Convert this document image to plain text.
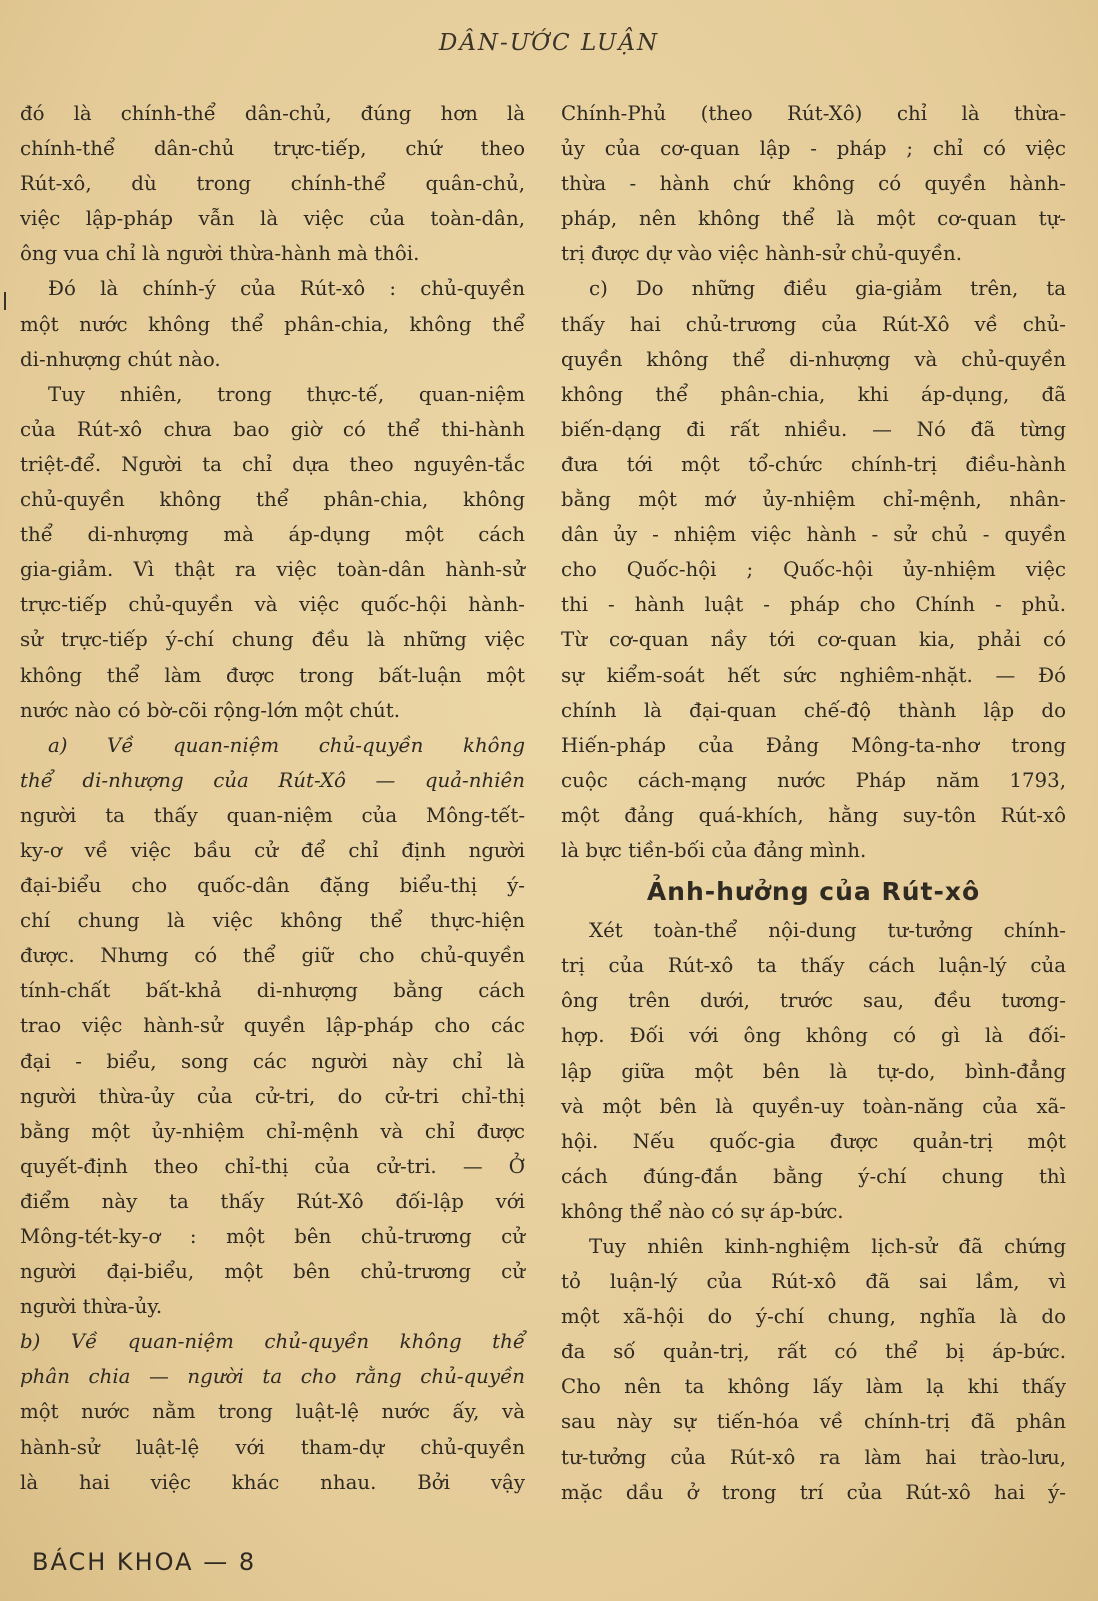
DÂN-ƯỚC LUẬN
đó là chính-thể dân-chủ, đúng hơn là
chính-thể dân-chủ trực-tiếp, chứ theo
Rút-xô, dù trong chính-thể quân-chủ,
việc lập-pháp vẫn là việc của toàn-dân,
ông vua chỉ là người thừa-hành mà thôi.
Đó là chính-ý của Rút-xô : chủ-quyền
một nước không thể phân-chia, không thể
di-nhượng chút nào.
Tuy nhiên, trong thực-tế, quan-niệm
của Rút-xô chưa bao giờ có thể thi-hành
triệt-để. Người ta chỉ dựa theo nguyên-tắc
chủ-quyền không thể phân-chia, không
thể di-nhượng mà áp-dụng một cách
gia-giảm. Vì thật ra việc toàn-dân hành-sử
trực-tiếp chủ-quyền và việc quốc-hội hành-
sử trực-tiếp ý-chí chung đều là những việc
không thể làm được trong bất-luận một
nước nào có bờ-cõi rộng-lớn một chút.
a) Về quan-niệm chủ-quyền không
thể di-nhượng của Rút-Xô — quả-nhiên
người ta thấy quan-niệm của Mông-tết-
ky-ơ về việc bầu cử để chỉ định người
đại-biểu cho quốc-dân đặng biểu-thị ý-
chí chung là việc không thể thực-hiện
được. Nhưng có thể giữ cho chủ-quyền
tính-chất bất-khả di-nhượng bằng cách
trao việc hành-sử quyền lập-pháp cho các
đại - biểu, song các người này chỉ là
người thừa-ủy của cử-tri, do cử-tri chỉ-thị
bằng một ủy-nhiệm chỉ-mệnh và chỉ được
quyết-định theo chỉ-thị của cử-tri. — Ở
điểm này ta thấy Rút-Xô đối-lập với
Mông-tét-ky-ơ : một bên chủ-trương cử
người đại-biểu, một bên chủ-trương cử
người thừa-ủy.
b) Về quan-niệm chủ-quyền không thể
phân chia — người ta cho rằng chủ-quyền
một nước nằm trong luật-lệ nước ấy, và
hành-sử luật-lệ với tham-dự chủ-quyền
là hai việc khác nhau. Bởi vậy
Chính-Phủ (theo Rút-Xô) chỉ là thừa-
ủy của cơ-quan lập - pháp ; chỉ có việc
thừa - hành chứ không có quyền hành-
pháp, nên không thể là một cơ-quan tự-
trị được dự vào việc hành-sử chủ-quyền.
c) Do những điều gia-giảm trên, ta
thấy hai chủ-trương của Rút-Xô về chủ-
quyền không thể di-nhượng và chủ-quyền
không thể phân-chia, khi áp-dụng, đã
biến-dạng đi rất nhiều. — Nó đã từng
đưa tới một tổ-chức chính-trị điều-hành
bằng một mớ ủy-nhiệm chỉ-mệnh, nhân-
dân ủy - nhiệm việc hành - sử chủ - quyền
cho Quốc-hội ; Quốc-hội ủy-nhiệm việc
thi - hành luật - pháp cho Chính - phủ.
Từ cơ-quan nầy tới cơ-quan kia, phải có
sự kiểm-soát hết sức nghiêm-nhặt. — Đó
chính là đại-quan chế-độ thành lập do
Hiến-pháp của Đảng Mông-ta-nhơ trong
cuộc cách-mạng nước Pháp năm 1793,
một đảng quá-khích, hằng suy-tôn Rút-xô
là bực tiền-bối của đảng mình.
Ảnh-hưởng của Rút-xô
Xét toàn-thể nội-dung tư-tưởng chính-
trị của Rút-xô ta thấy cách luận-lý của
ông trên dưới, trước sau, đều tương-
hợp. Đối với ông không có gì là đối-
lập giữa một bên là tự-do, bình-đẳng
và một bên là quyền-uy toàn-năng của xã-
hội. Nếu quốc-gia được quản-trị một
cách đúng-đắn bằng ý-chí chung thì
không thể nào có sự áp-bức.
Tuy nhiên kinh-nghiệm lịch-sử đã chứng
tỏ luận-lý của Rút-xô đã sai lầm, vì
một xã-hội do ý-chí chung, nghĩa là do
đa số quản-trị, rất có thể bị áp-bức.
Cho nên ta không lấy làm lạ khi thấy
sau này sự tiến-hóa về chính-trị đã phân
tư-tưởng của Rút-xô ra làm hai trào-lưu,
mặc dầu ở trong trí của Rút-xô hai ý-
BÁCH KHOA — 8
